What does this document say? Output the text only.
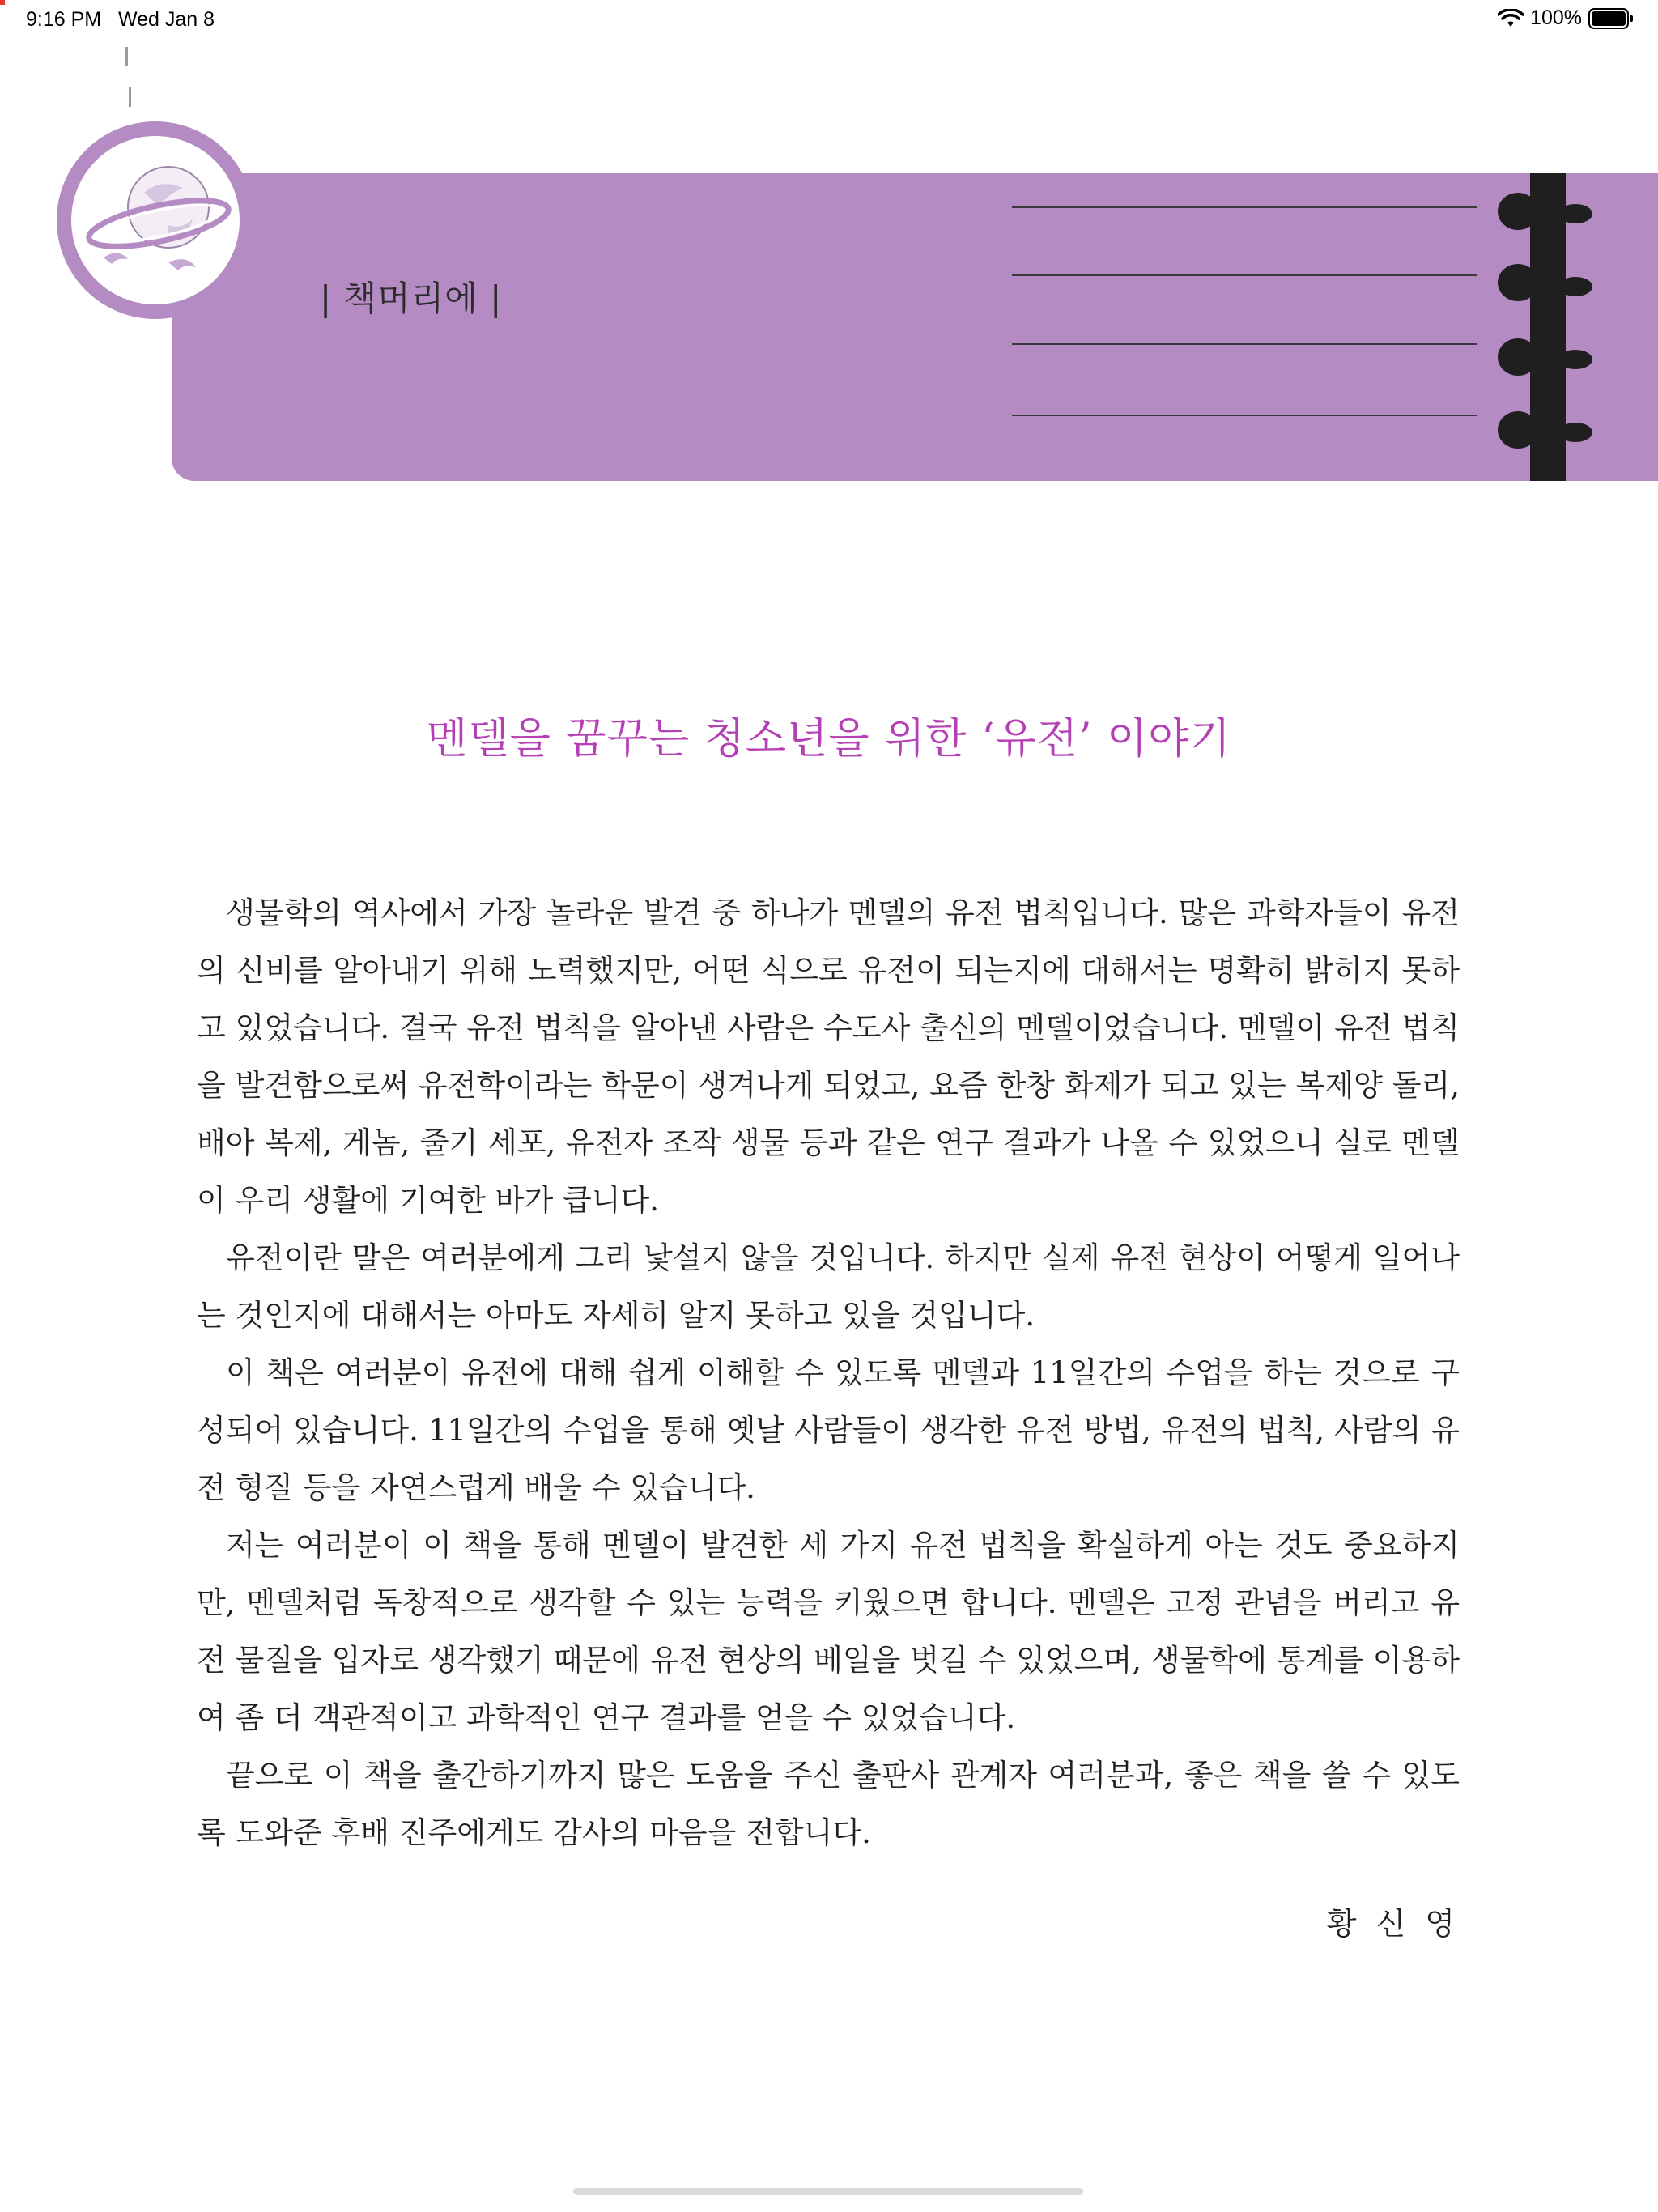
9:16 PM Wed Jan 8	100%
| 책머리에 |
멘델을 꿈꾸는 청소년을 위한 ‘유전’ 이야기

생물학의 역사에서 가장 놀라운 발견 중 하나가 멘델의 유전 법칙입니다. 많은 과학자들이 유전의 신비를 알아내기 위해 노력했지만, 어떤 식으로 유전이 되는지에 대해서는 명확히 밝히지 못하고 있었습니다. 결국 유전 법칙을 알아낸 사람은 수도사 출신의 멘델이었습니다. 멘델이 유전 법칙을 발견함으로써 유전학이라는 학문이 생겨나게 되었고, 요즘 한창 화제가 되고 있는 복제양 돌리, 배아 복제, 게놈, 줄기 세포, 유전자 조작 생물 등과 같은 연구 결과가 나올 수 있었으니 실로 멘델이 우리 생활에 기여한 바가 큽니다.

유전이란 말은 여러분에게 그리 낯설지 않을 것입니다. 하지만 실제 유전 현상이 어떻게 일어나는 것인지에 대해서는 아마도 자세히 알지 못하고 있을 것입니다.

이 책은 여러분이 유전에 대해 쉽게 이해할 수 있도록 멘델과 11일간의 수업을 하는 것으로 구성되어 있습니다. 11일간의 수업을 통해 옛날 사람들이 생각한 유전 방법, 유전의 법칙, 사람의 유전 형질 등을 자연스럽게 배울 수 있습니다.

저는 여러분이 이 책을 통해 멘델이 발견한 세 가지 유전 법칙을 확실하게 아는 것도 중요하지만, 멘델처럼 독창적으로 생각할 수 있는 능력을 키웠으면 합니다. 멘델은 고정 관념을 버리고 유전 물질을 입자로 생각했기 때문에 유전 현상의 베일을 벗길 수 있었으며, 생물학에 통계를 이용하여 좀 더 객관적이고 과학적인 연구 결과를 얻을 수 있었습니다.

끝으로 이 책을 출간하기까지 많은 도움을 주신 출판사 관계자 여러분과, 좋은 책을 쓸 수 있도록 도와준 후배 진주에게도 감사의 마음을 전합니다.

황 신 영
